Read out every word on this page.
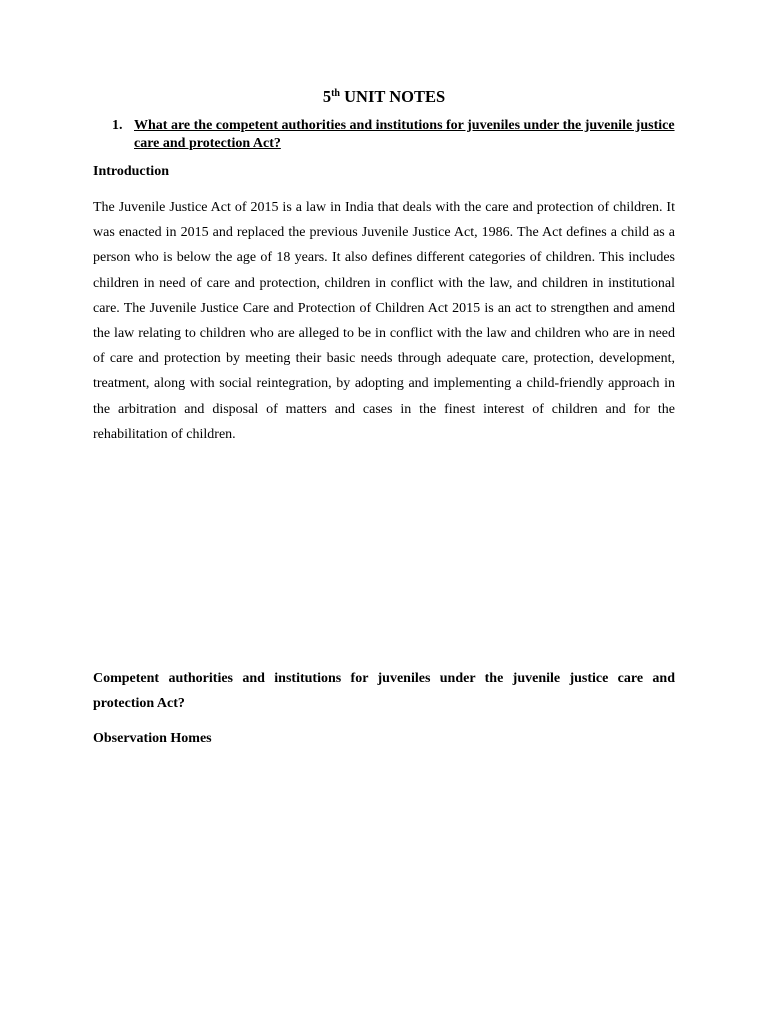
5th UNIT NOTES
1. What are the competent authorities and institutions for juveniles under the juvenile justice care and protection Act?
Introduction
The Juvenile Justice Act of 2015 is a law in India that deals with the care and protection of children. It was enacted in 2015 and replaced the previous Juvenile Justice Act, 1986. The Act defines a child as a person who is below the age of 18 years. It also defines different categories of children. This includes children in need of care and protection, children in conflict with the law, and children in institutional care. The Juvenile Justice Care and Protection of Children Act 2015 is an act to strengthen and amend the law relating to children who are alleged to be in conflict with the law and children who are in need of care and protection by meeting their basic needs through adequate care, protection, development, treatment, along with social reintegration, by adopting and implementing a child-friendly approach in the arbitration and disposal of matters and cases in the finest interest of children and for the rehabilitation of children.
Competent authorities and institutions for juveniles under the juvenile justice care and protection Act?
Observation Homes
